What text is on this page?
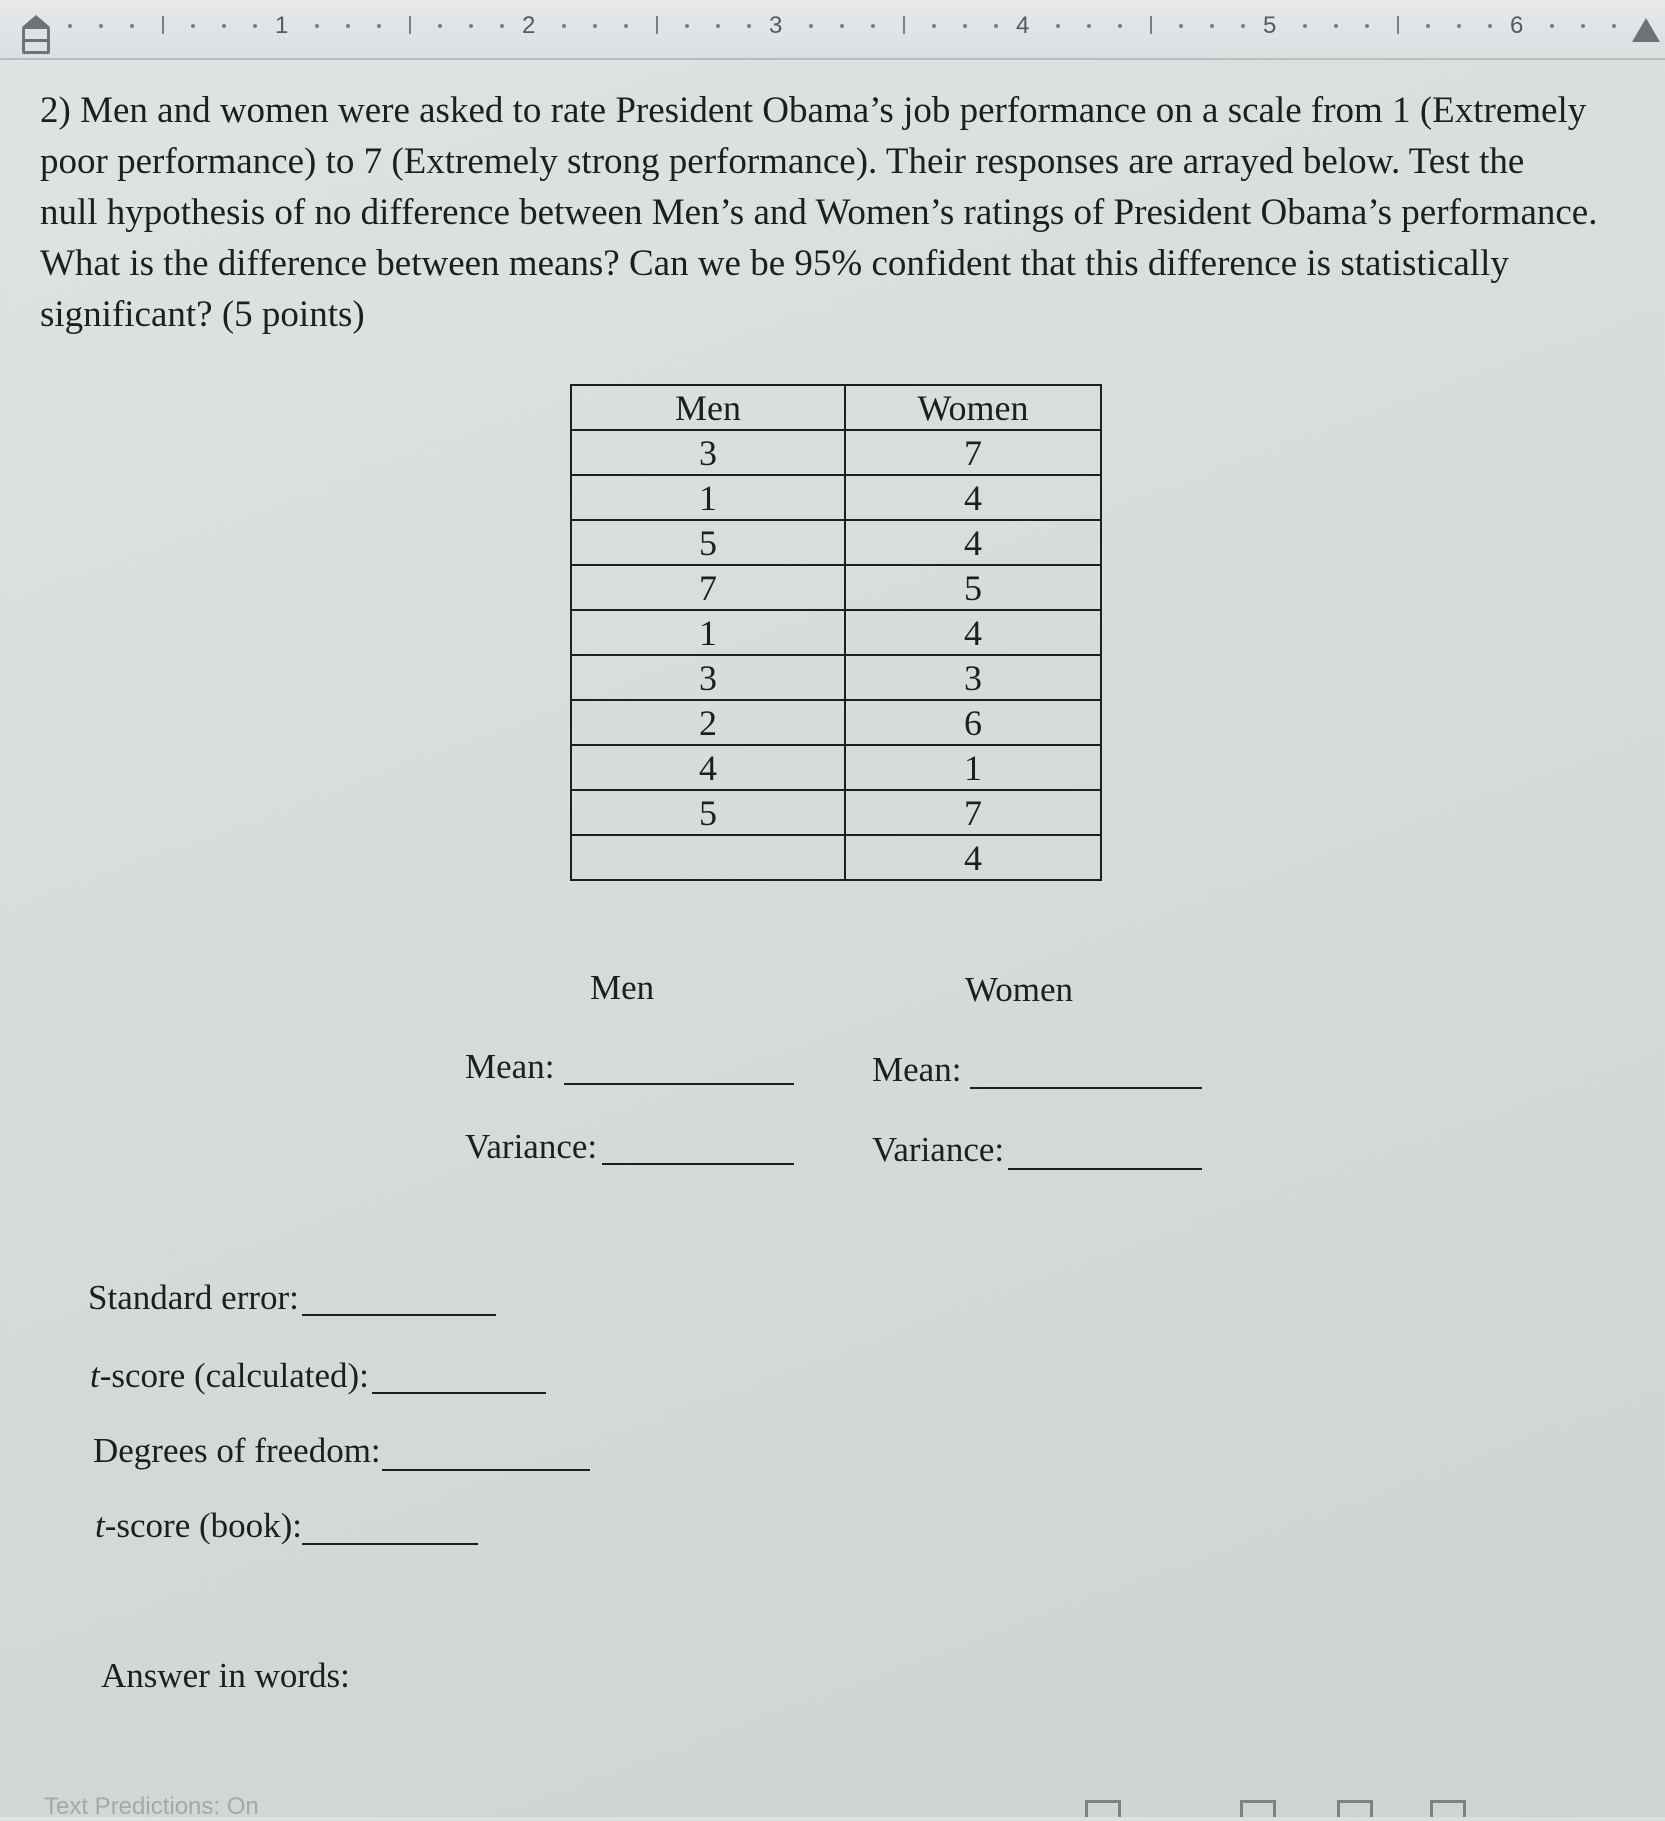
1	2	3	4	5	6

2) Men and women were asked to rate President Obama’s job performance on a scale from 1 (Extremely
poor performance) to 7 (Extremely strong performance). Their responses are arrayed below. Test the
null hypothesis of no difference between Men’s and Women’s ratings of President Obama’s performance.
What is the difference between means? Can we be 95% confident that this difference is statistically
significant? (5 points)

Men	Women
3	7
1	4
5	4
7	5
1	4
3	3
2	6
4	1
5	7
	4
Men	Women
Mean:	Mean:
Variance:	Variance:
Standard error:
t-score (calculated):
Degrees of freedom:
t-score (book):
Answer in words:
Text Predictions: On
